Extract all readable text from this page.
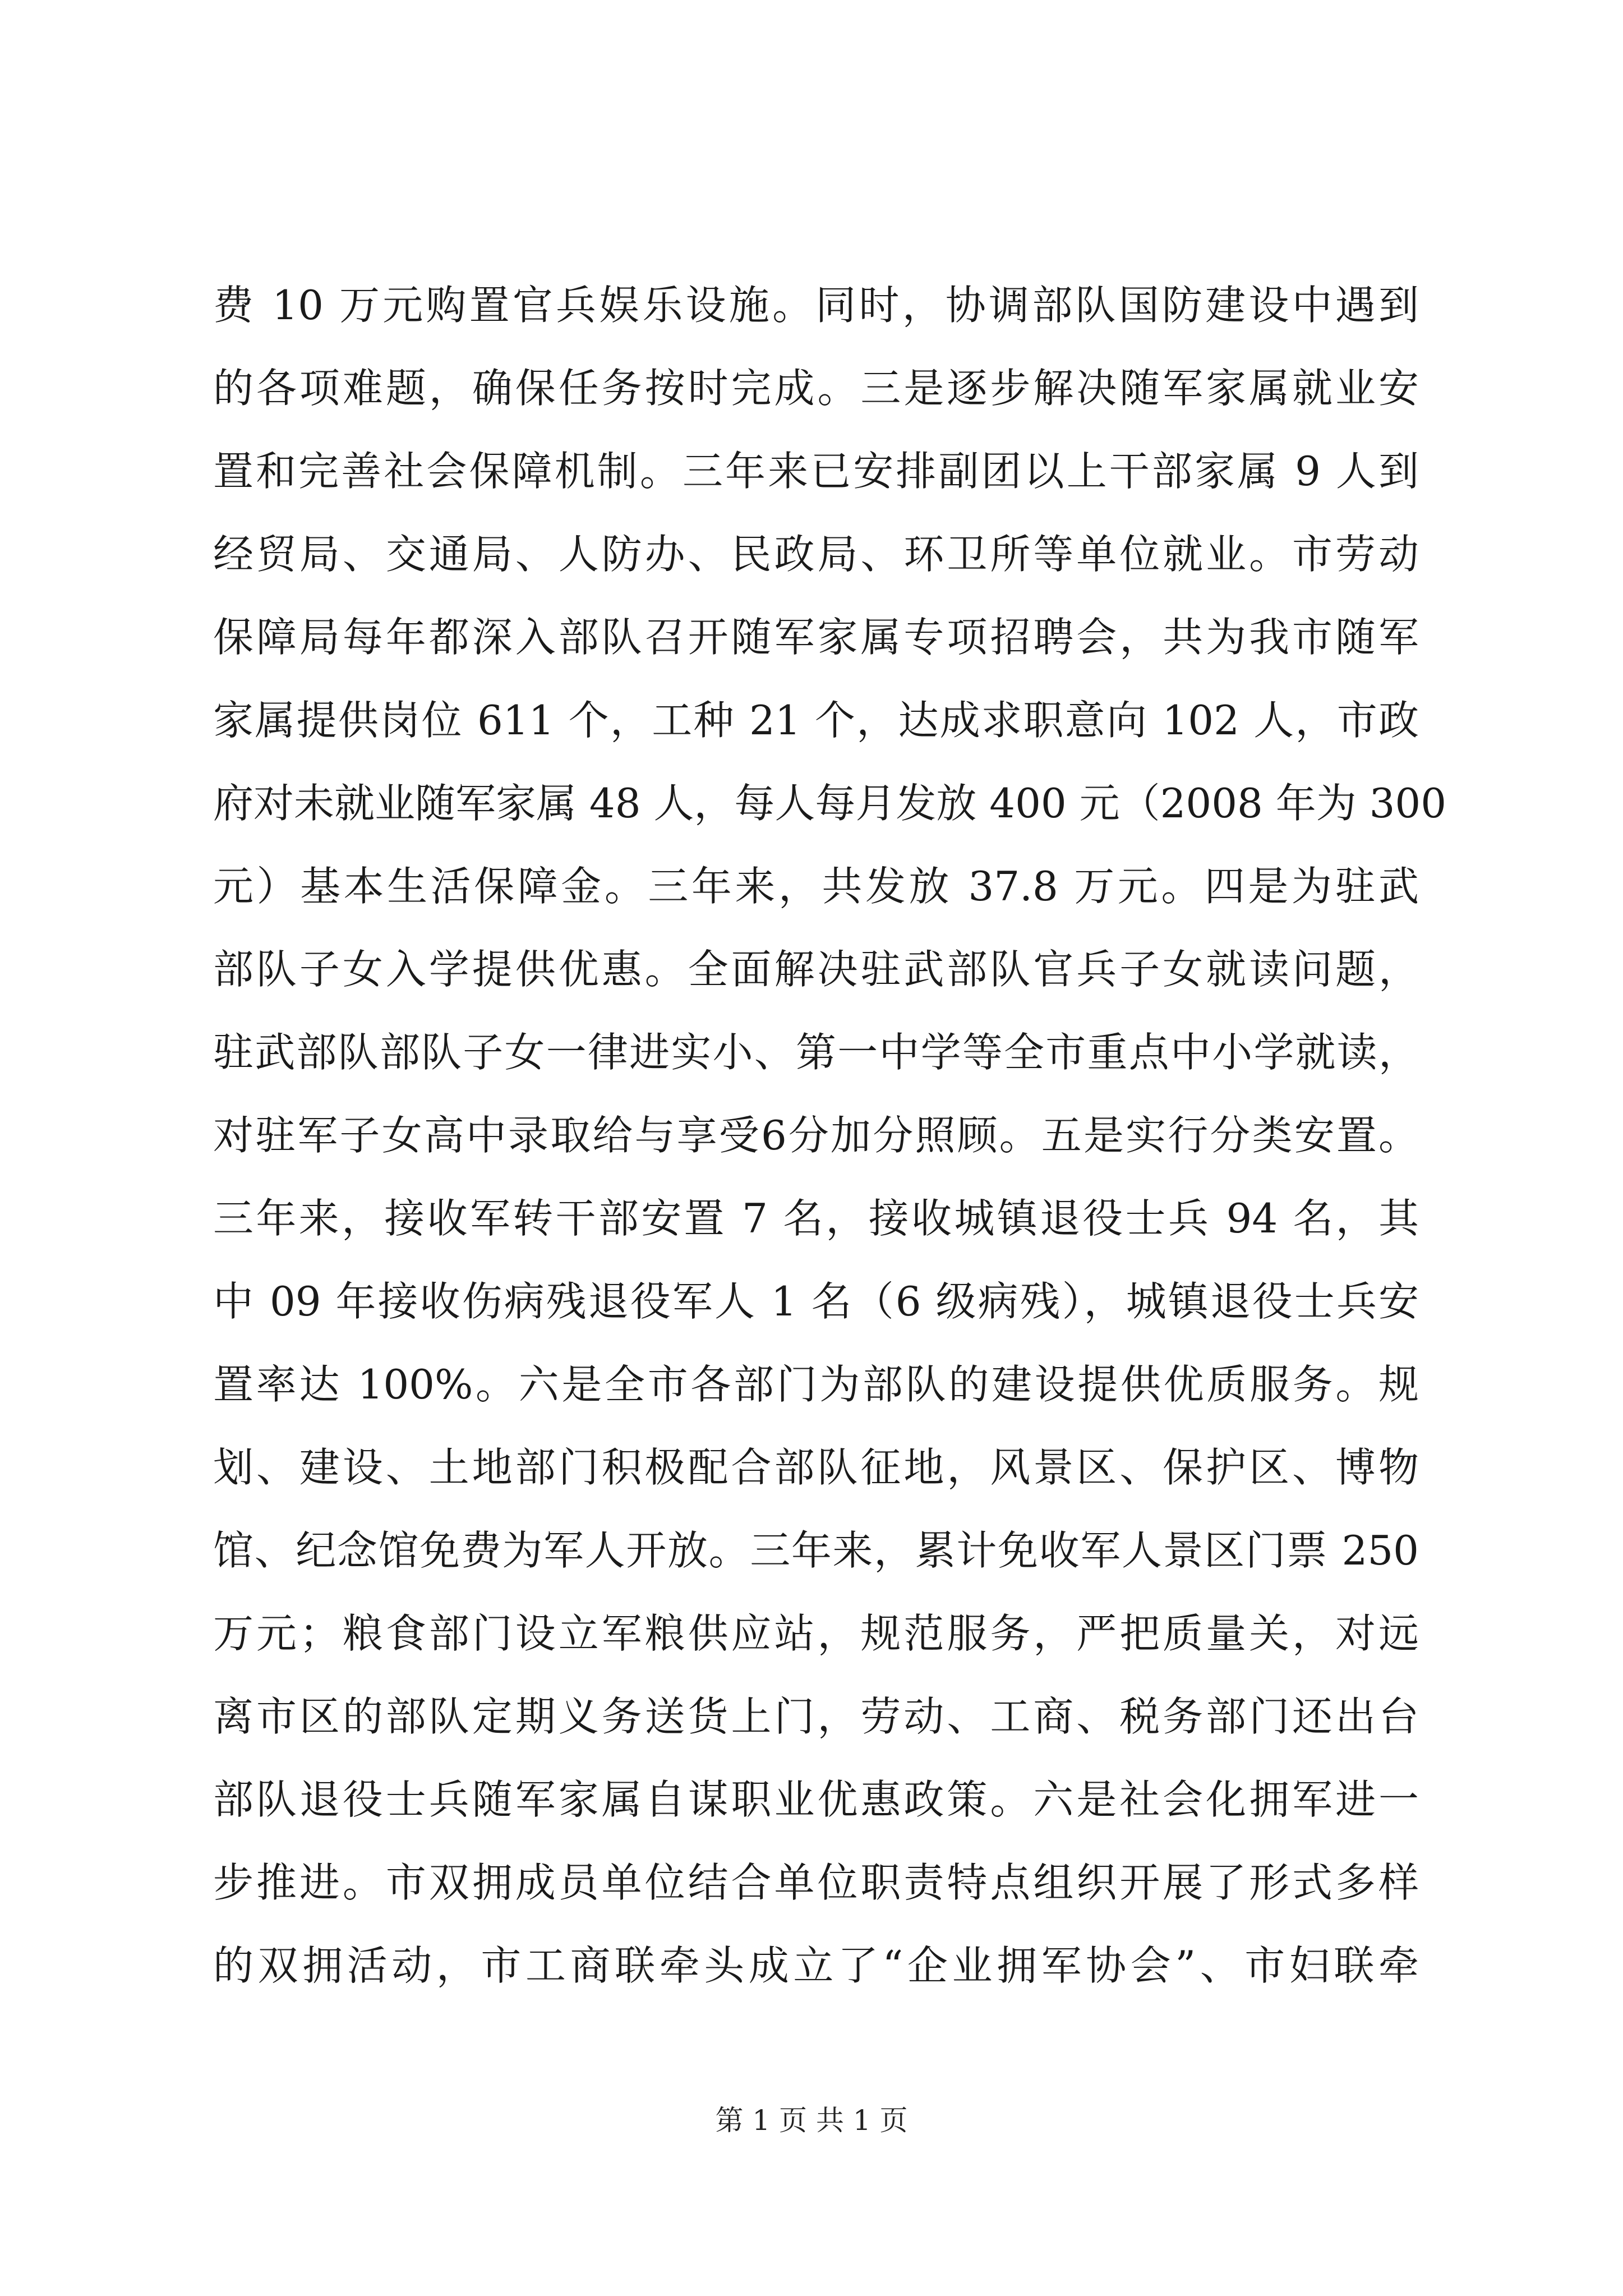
费 10 万元购置官兵娱乐设施。同时，协调部队国防建设中遇到
的各项难题，确保任务按时完成。三是逐步解决随军家属就业安
置和完善社会保障机制。三年来已安排副团以上干部家属 9 人到
经贸局、交通局、人防办、民政局、环卫所等单位就业。市劳动
保障局每年都深入部队召开随军家属专项招聘会，共为我市随军
家属提供岗位 611 个，工种 21 个，达成求职意向 102 人，市政
府对未就业随军家属 48 人，每人每月发放 400 元（2008 年为 300
元）基本生活保障金。三年来，共发放 37.8 万元。四是为驻武
部队子女入学提供优惠。全面解决驻武部队官兵子女就读问题，
驻武部队部队子女一律进实小、第一中学等全市重点中小学就读，
对驻军子女高中录取给与享受6分加分照顾。五是实行分类安置。
三年来，接收军转干部安置 7 名，接收城镇退役士兵 94 名，其
中 09 年接收伤病残退役军人 1 名（6 级病残），城镇退役士兵安
置率达 100%。六是全市各部门为部队的建设提供优质服务。规
划、建设、土地部门积极配合部队征地，风景区、保护区、博物
馆、纪念馆免费为军人开放。三年来，累计免收军人景区门票 250
万元；粮食部门设立军粮供应站，规范服务，严把质量关，对远
离市区的部队定期义务送货上门，劳动、工商、税务部门还出台
部队退役士兵随军家属自谋职业优惠政策。六是社会化拥军进一
步推进。市双拥成员单位结合单位职责特点组织开展了形式多样
的双拥活动，市工商联牵头成立了“企业拥军协会”、市妇联牵
第 1 页 共 1 页
